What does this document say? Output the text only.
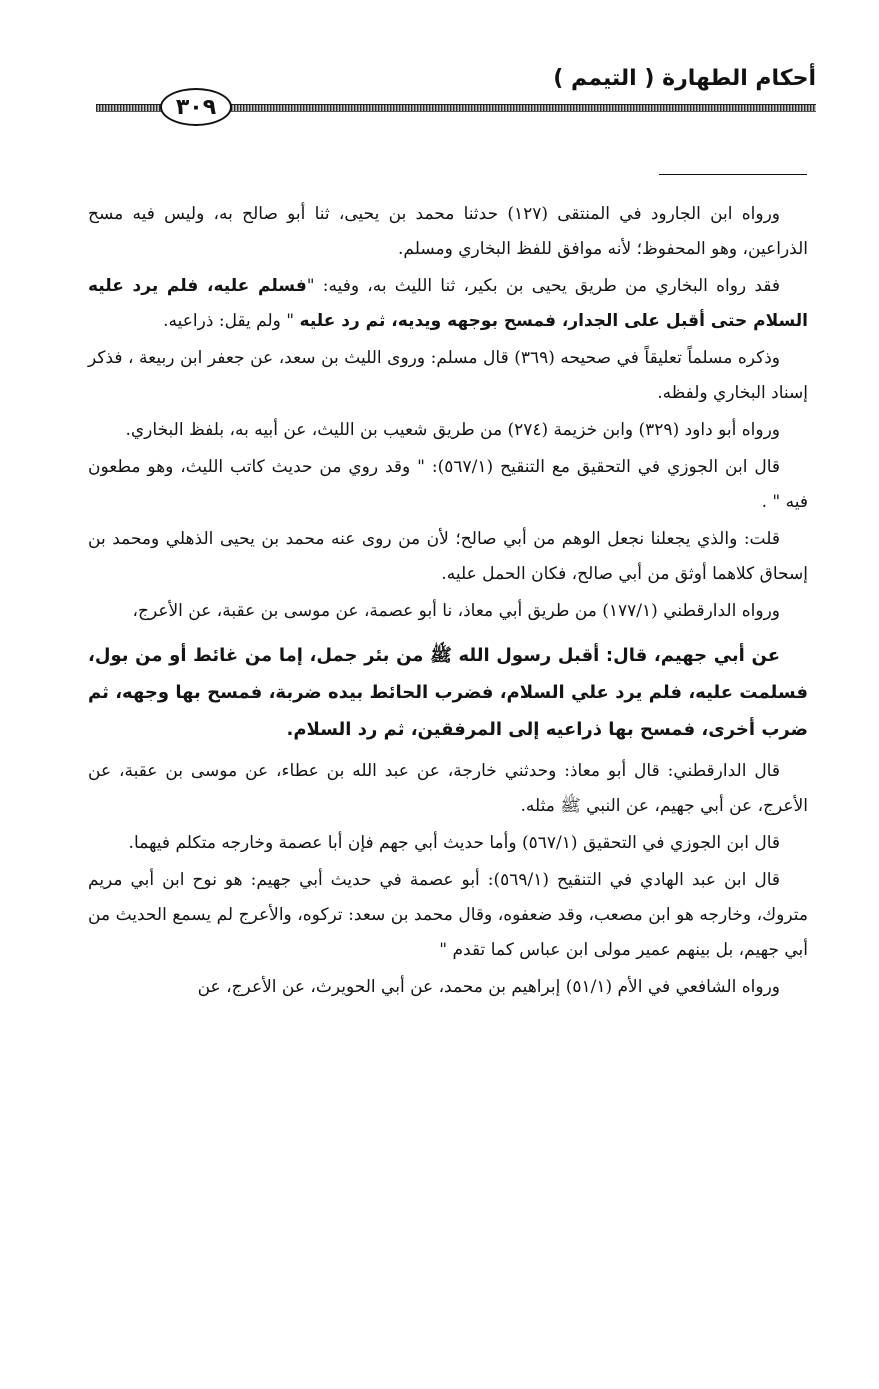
أحكام الطهارة ( التيمم )
٣٠٩

ورواه ابن الجارود في المنتقى (١٢٧) حدثنا محمد بن يحيى، ثنا أبو صالح به، وليس فيه مسح الذراعين، وهو المحفوظ؛ لأنه موافق للفظ البخاري ومسلم.

فقد رواه البخاري من طريق يحيى بن بكير، ثنا الليث به، وفيه: "فسلم عليه، فلم يرد عليه السلام حتى أقبل على الجدار، فمسح بوجهه ويديه، ثم رد عليه " ولم يقل: ذراعيه.

وذكره مسلماً تعليقاً في صحيحه (٣٦٩) قال مسلم: وروى الليث بن سعد، عن جعفر ابن ربيعة ، فذكر إسناد البخاري ولفظه.

ورواه أبو داود (٣٢٩) وابن خزيمة (٢٧٤) من طريق شعيب بن الليث، عن أبيه به، بلفظ البخاري.

قال ابن الجوزي في التحقيق مع التنقيح (٥٦٧/١): " وقد روي من حديث كاتب الليث، وهو مطعون فيه " .

قلت: والذي يجعلنا نجعل الوهم من أبي صالح؛ لأن من روى عنه محمد بن يحيى الذهلي ومحمد بن إسحاق كلاهما أوثق من أبي صالح، فكان الحمل عليه.

ورواه الدارقطني (١٧٧/١) من طريق أبي معاذ، نا أبو عصمة، عن موسى بن عقبة، عن الأعرج،

عن أبي جهيم، قال: أقبل رسول الله ﷺ من بئر جمل، إما من غائط أو من بول، فسلمت عليه، فلم يرد علي السلام، فضرب الحائط بيده ضربة، فمسح بها وجهه، ثم ضرب أخرى، فمسح بها ذراعيه إلى المرفقين، ثم رد السلام.

قال الدارقطني: قال أبو معاذ: وحدثني خارجة، عن عبد الله بن عطاء، عن موسى بن عقبة، عن الأعرج، عن أبي جهيم، عن النبي ﷺ مثله.

قال ابن الجوزي في التحقيق (٥٦٧/١) وأما حديث أبي جهم فإن أبا عصمة وخارجه متكلم فيهما.

قال ابن عبد الهادي في التنقيح (٥٦٩/١): أبو عصمة في حديث أبي جهيم: هو نوح ابن أبي مريم متروك، وخارجه هو ابن مصعب، وقد ضعفوه، وقال محمد بن سعد: تركوه، والأعرج لم يسمع الحديث من أبي جهيم، بل بينهم عمير مولى ابن عباس كما تقدم "

ورواه الشافعي في الأم (٥١/١) إبراهيم بن محمد، عن أبي الحويرث، عن الأعرج، عن
